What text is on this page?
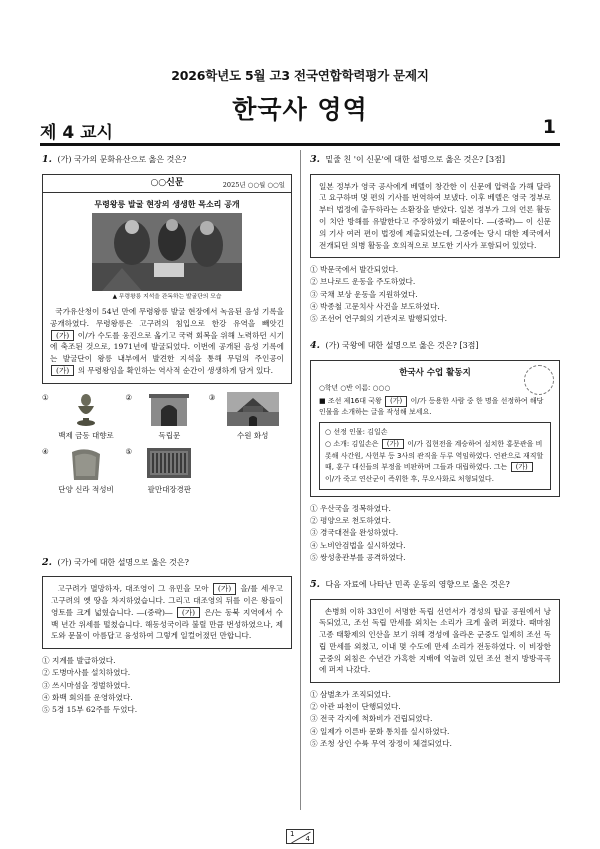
2026학년도 5월 고3 전국연합학력평가 문제지
한국사 영역
제 4 교시	1
1. (가) 국가의 문화유산으로 옳은 것은?
○○신문	2025년 ○○월 ○○일
무령왕릉 발굴 현장의 생생한 목소리 공개
▲ 무령왕릉 지석을 관독하는 발굴단의 모습
국가유산청이 54년 만에 무령왕릉 발굴 현장에서 녹음된 음성 기록을 공개하였다. 무령왕릉은 고구려의 침입으로 한강 유역을 빼앗긴 (가) 이/가 수도를 웅진으로 옮기고 국력 회복을 위해 노력하던 시기에 축조된 것으로, 1971년에 발굴되었다. 이번에 공개된 음성 기록에는 발굴단이 왕릉 내부에서 발견한 지석을 통해 무덤의 주인공이 (가) 의 무령왕임을 확인하는 역사적 순간이 생생하게 담겨 있다.
①
백제 금동 대향로
②
독립문
③
수원 화성
④
단양 신라 적성비
⑤
팔만대장경판
2. (가) 국가에 대한 설명으로 옳은 것은?
고구려가 멸망하자, 대조영이 그 유민을 모아 (가) 을/를 세우고 고구려의 옛 땅을 차지하였습니다. 그리고 대조영의 뒤를 이은 왕들이 영토를 크게 넓혔습니다. ―(중략)― (가) 은/는 동북 지역에서 수백 년간 위세를 떨쳤습니다. 해동성국이라 불릴 만큼 번성하였으나, 제도와 문물이 아름답고 융성하여 그렇게 일컬어졌던 만합니다.
① 지계를 발급하였다.
② 도병마사를 설치하였다.
③ 쓰시마섬을 정벌하였다.
④ 화백 회의를 운영하였다.
⑤ 5경 15부 62주를 두었다.
3. 밑줄 친 '이 신문'에 대한 설명으로 옳은 것은? [3점]
일본 정부가 영국 공사에게 베델이 창간한 이 신문에 압력을 가해 달라고 요구하며 몇 편의 기사를 번역하여 보냈다. 이후 베델은 영국 정부로부터 법정에 출두하라는 소환장을 받았다. 일본 정부가 그의 언론 활동이 치안 방해를 유발한다고 주장하였기 때문이다. ―(중략)― 이 신문의 기사 여러 편이 법정에 제출되었는데, 그중에는 당시 대한 제국에서 전개되던 의병 활동을 호의적으로 보도한 기사가 포함되어 있었다.
① 박문국에서 발간되었다.
② 브나로드 운동을 주도하였다.
③ 국채 보상 운동을 지원하였다.
④ 박종철 고문치사 사건을 보도하였다.
⑤ 조선어 연구회의 기관지로 발행되었다.
4. (가) 국왕에 대한 설명으로 옳은 것은? [3점]
한국사 수업 활동지
○학년 ○반 이름: ○○○
■ 조선 제16대 국왕 (가) 이/가 등용한 사람 중 한 명을 선정하여 해당 인물을 소개하는 글을 작성해 보세요.
○ 선정 인물: 김일손
○ 소개: 김일손은 (가) 이/가 집현전을 계승하여 설치한 홍문관을 비롯해 사간원, 사헌부 등 3사의 관직을 두루 역임하였다. 언관으로 재직할 때, 훈구 대신들의 부정을 비판하며 그들과 대립하였다. 그는 (가) 이/가 죽고 연산군이 즉위한 후, 무오사화로 처형되었다.
① 우산국을 정복하였다.
② 평양으로 천도하였다.
③ 경국대전을 완성하였다.
④ 노비안검법을 실시하였다.
⑤ 쌍성총관부를 공격하였다.
5. 다음 자료에 나타난 민족 운동의 영향으로 옳은 것은?
손병희 이하 33인이 서명한 독립 선언서가 경성의 탑골 공원에서 낭독되었고, 조선 독립 만세를 외치는 소리가 크게 울려 퍼졌다. 때마침 고종 태황제의 인산을 보기 위해 경성에 올라온 군중도 일제히 조선 독립 만세를 외쳤고, 이내 몇 수도에 만세 소리가 전동하였다. 이 비장한 군중의 외침은 수년간 가혹한 지배에 억눌려 있던 조선 천지 방방곡곡에 퍼져 나갔다.
① 삼별초가 조직되었다.
② 아관 파천이 단행되었다.
③ 전국 각지에 척화비가 건립되었다.
④ 일제가 이른바 문화 통치를 실시하였다.
⑤ 조청 상인 수륙 무역 장정이 체결되었다.
1
4
